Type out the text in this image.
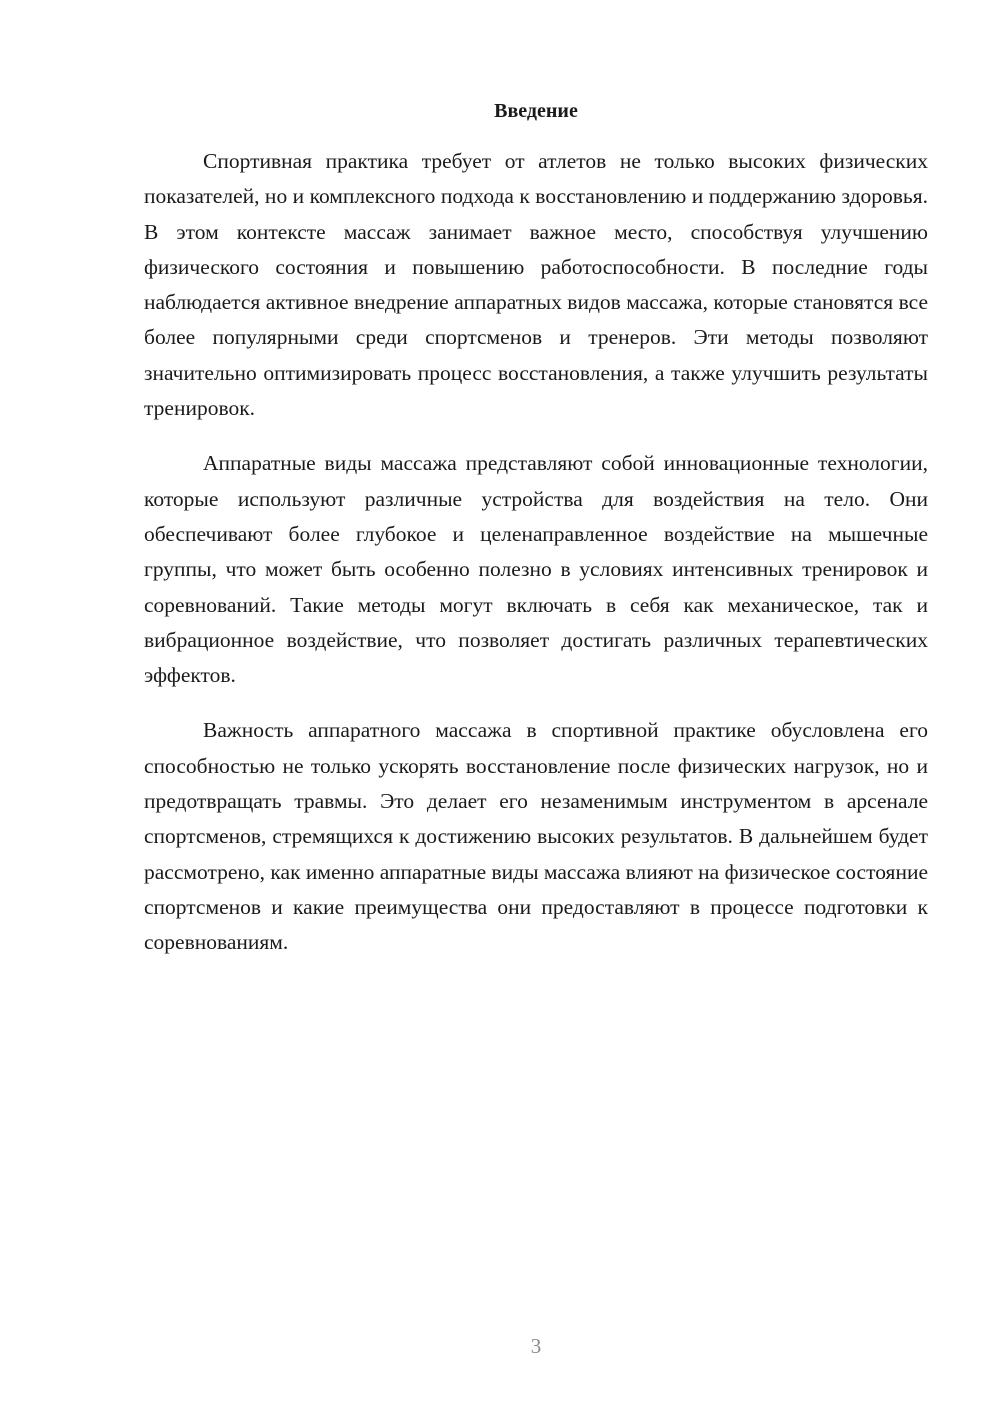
Введение

Спортивная практика требует от атлетов не только высоких физических показателей, но и комплексного подхода к восстановлению и поддержанию здоровья. В этом контексте массаж занимает важное место, способствуя улучшению физического состояния и повышению работоспособности. В последние годы наблюдается активное внедрение аппаратных видов массажа, которые становятся все более популярными среди спортсменов и тренеров. Эти методы позволяют значительно оптимизировать процесс восстановления, а также улучшить результаты тренировок.

Аппаратные виды массажа представляют собой инновационные технологии, которые используют различные устройства для воздействия на тело. Они обеспечивают более глубокое и целенаправленное воздействие на мышечные группы, что может быть особенно полезно в условиях интенсивных тренировок и соревнований. Такие методы могут включать в себя как механическое, так и вибрационное воздействие, что позволяет достигать различных терапевтических эффектов.

Важность аппаратного массажа в спортивной практике обусловлена его способностью не только ускорять восстановление после физических нагрузок, но и предотвращать травмы. Это делает его незаменимым инструментом в арсенале спортсменов, стремящихся к достижению высоких результатов. В дальнейшем будет рассмотрено, как именно аппаратные виды массажа влияют на физическое состояние спортсменов и какие преимущества они предоставляют в процессе подготовки к соревнованиям.

3
